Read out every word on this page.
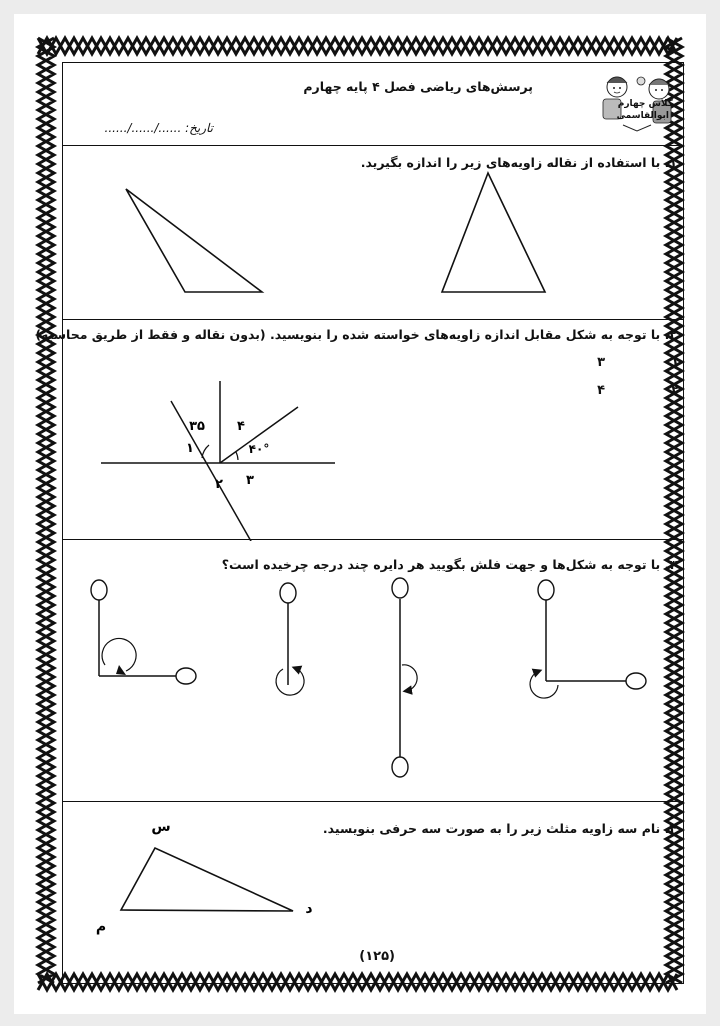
پرسش‌های ریاضی فصل ۴ پایه چهارم
تاریخ: ....../....../......
کلاس چهارم
ابوالقاسمی
۱. با استفاده از نقاله زاویه‌های زیر را اندازه بگیرید.
۲. با توجه به شکل مقابل اندازه زاویه‌های خواسته شده را بنویسید. (بدون نقاله و فقط از طریق محاسبه)
۱
۳
۲
۴
۳۵ ۴
۱	۴۰°
۲ ۳
۳. با توجه به شکل‌ها و جهت فلش بگویید هر دایره چند درجه چرخیده است؟
۴. نام سه زاویه مثلث زیر را به صورت سه حرفی بنویسید.
س
م
د
(۱۲۵)
